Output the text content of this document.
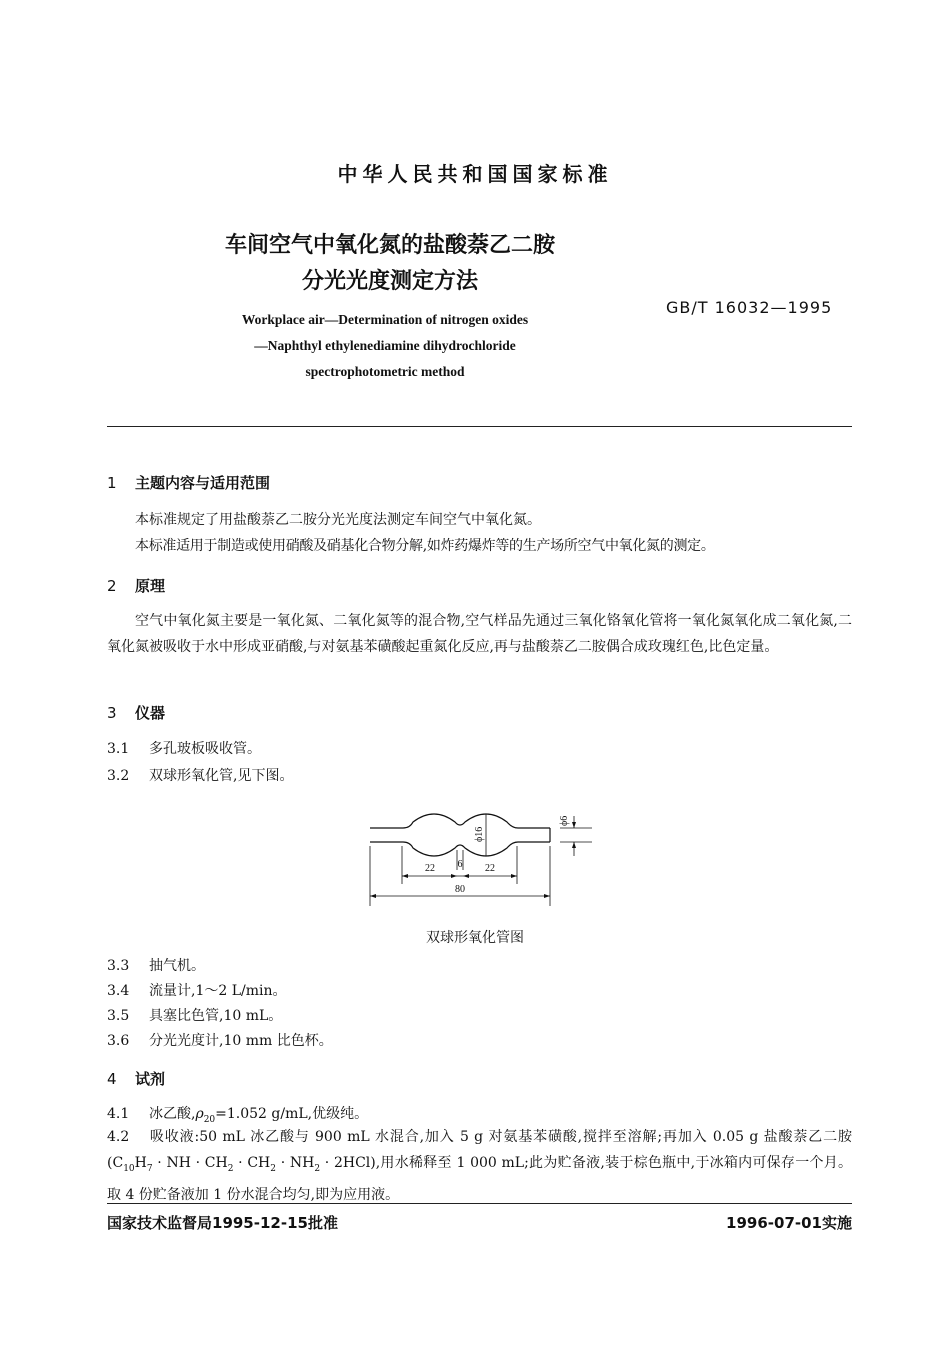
中华人民共和国国家标准
车间空气中氧化氮的盐酸萘乙二胺
分光光度测定方法
GB/T 16032—1995
Workplace air—Determination of nitrogen oxides
—Naphthyl ethylenediamine dihydrochloride
spectrophotometric method
1 主题内容与适用范围
本标准规定了用盐酸萘乙二胺分光光度法测定车间空气中氧化氮。
本标准适用于制造或使用硝酸及硝基化合物分解,如炸药爆炸等的生产场所空气中氧化氮的测定。
2 原理
空气中氧化氮主要是一氧化氮、二氧化氮等的混合物,空气样品先通过三氧化铬氧化管将一氧化氮氧化成二氧化氮,二氧化氮被吸收于水中形成亚硝酸,与对氨基苯磺酸起重氮化反应,再与盐酸萘乙二胺偶合成玫瑰红色,比色定量。
3 仪器
3.1 多孔玻板吸收管。
3.2 双球形氧化管,见下图。
22 6 22
80
ϕ16
ϕ6
双球形氧化管图
3.3 抽气机。
3.4 流量计,1～2 L/min。
3.5 具塞比色管,10 mL。
3.6 分光光度计,10 mm 比色杯。
4 试剂
4.1 冰乙酸$,\rho_{20}=1.052$ g/mL,优级纯。
4.2 吸收液:50 mL 冰乙酸与 900 mL 水混合,加入 5 g 对氨基苯磺酸,搅拌至溶解;再加入 0.05 g 盐酸萘乙二胺($C_{10}H_7$ · NH · $CH_2 \cdot CH_2 \cdot NH_2 \cdot 2HCl$),用水稀释至 1 000 mL;此为贮备液,装于棕色瓶中,于冰箱内可保存一个月。取 4 份贮备液加 1 份水混合均匀,即为应用液。
国家技术监督局1995-12-15批准	1996-07-01实施
